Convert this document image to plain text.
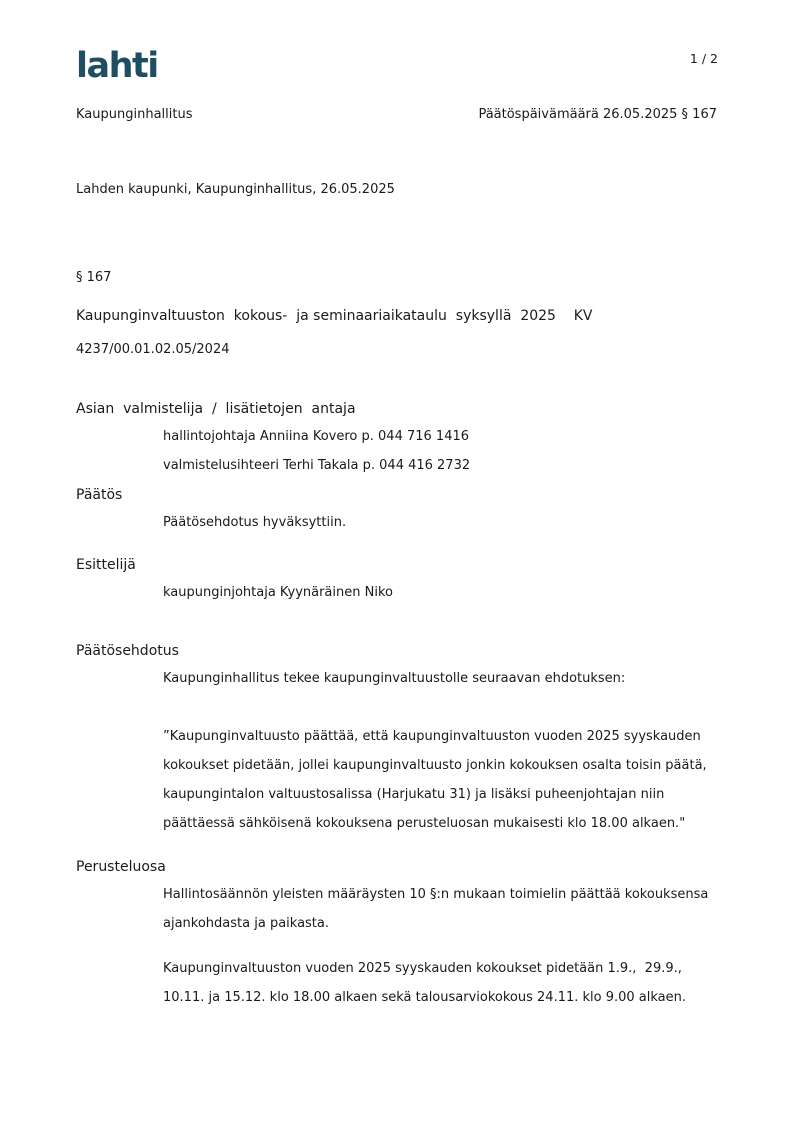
lahti	1 / 2
Kaupunginhallitus	Päätöspäivämäärä 26.05.2025 § 167
Lahden kaupunki, Kaupunginhallitus, 26.05.2025
§ 167
Kaupunginvaltuuston  kokous-  ja seminaariaikataulu  syksyllä  2025    KV
4237/00.01.02.05/2024
Asian  valmistelija  /  lisätietojen  antaja
hallintojohtaja Anniina Kovero p. 044 716 1416
valmistelusihteeri Terhi Takala p. 044 416 2732
Päätös
Päätösehdotus hyväksyttiin.
Esittelijä
kaupunginjohtaja Kyynäräinen Niko
Päätösehdotus
Kaupunginhallitus tekee kaupunginvaltuustolle seuraavan ehdotuksen:
”Kaupunginvaltuusto päättää, että kaupunginvaltuuston vuoden 2025 syyskauden
kokoukset pidetään, jollei kaupunginvaltuusto jonkin kokouksen osalta toisin päätä,
kaupungintalon valtuustosalissa (Harjukatu 31) ja lisäksi puheenjohtajan niin
päättäessä sähköisenä kokouksena perusteluosan mukaisesti klo 18.00 alkaen."
Perusteluosa
Hallintosäännön yleisten määräysten 10 §:n mukaan toimielin päättää kokouksensa
ajankohdasta ja paikasta.
Kaupunginvaltuuston vuoden 2025 syyskauden kokoukset pidetään 1.9.,  29.9.,
10.11. ja 15.12. klo 18.00 alkaen sekä talousarviokokous 24.11. klo 9.00 alkaen.
